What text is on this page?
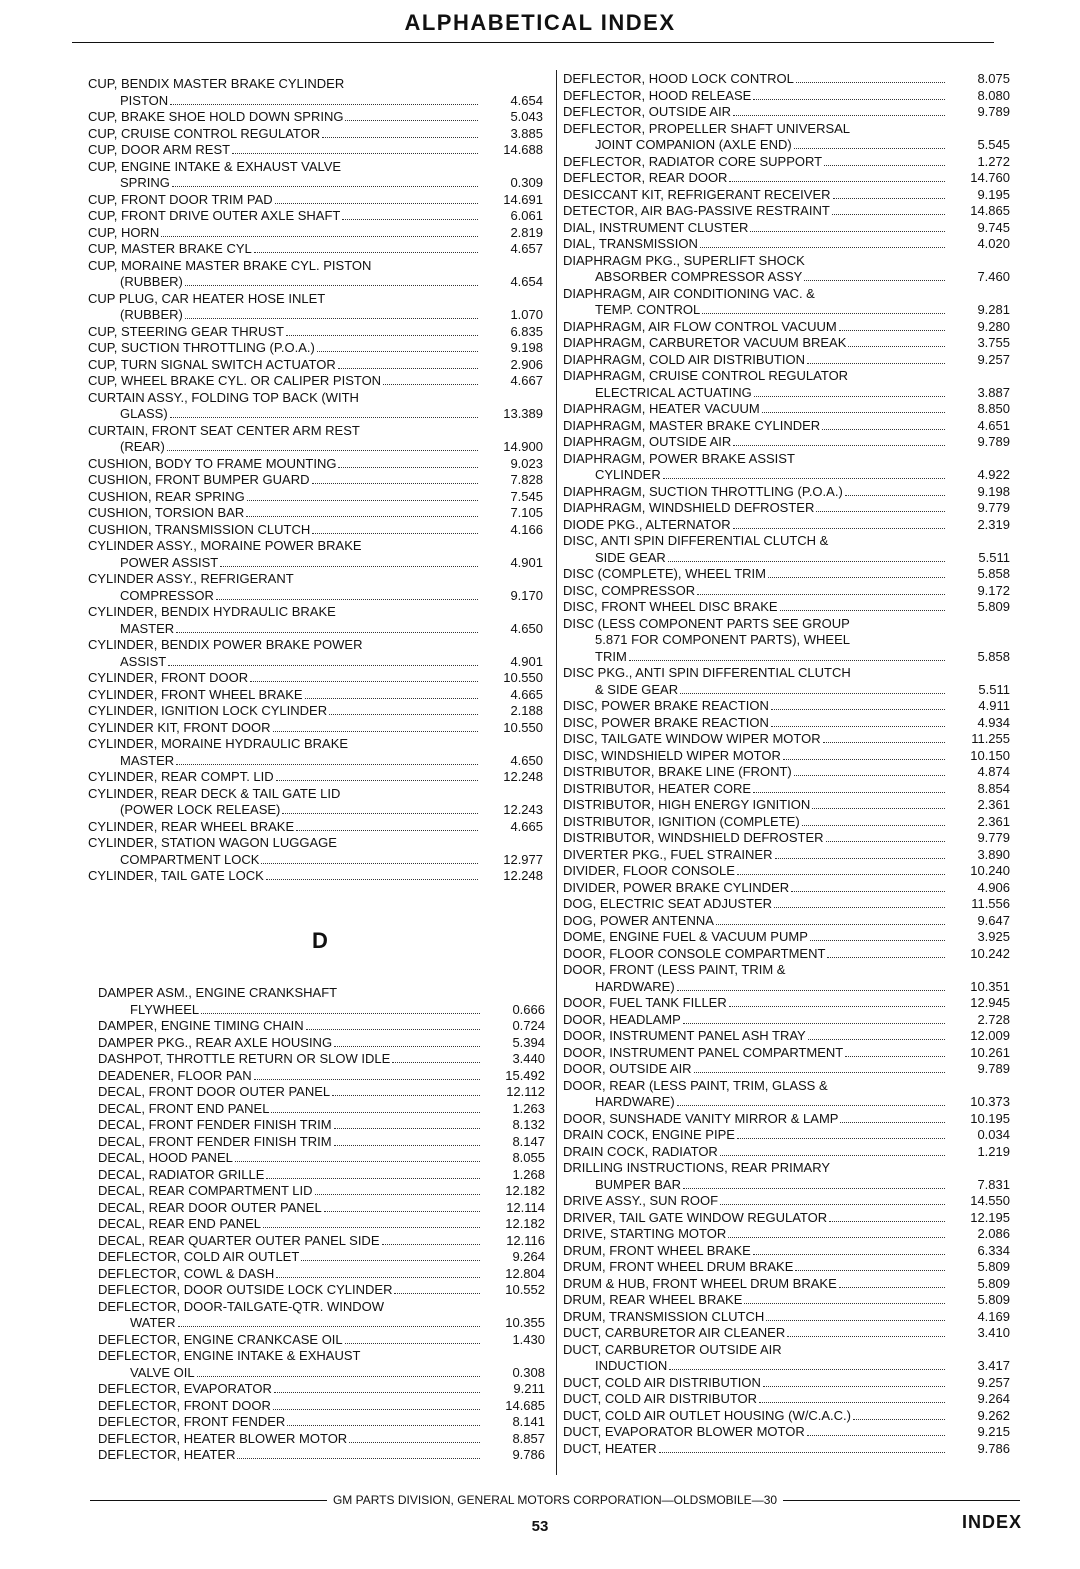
ALPHABETICAL INDEX
CUP, BENDIX MASTER BRAKE CYLINDER
PISTON	4.654
CUP, BRAKE SHOE HOLD DOWN SPRING	5.043
CUP, CRUISE CONTROL REGULATOR	3.885
CUP, DOOR ARM REST	14.688
CUP, ENGINE INTAKE & EXHAUST VALVE
SPRING	0.309
CUP, FRONT DOOR TRIM PAD	14.691
CUP, FRONT DRIVE OUTER AXLE SHAFT	6.061
CUP, HORN	2.819
CUP, MASTER BRAKE CYL	4.657
CUP, MORAINE MASTER BRAKE CYL. PISTON
(RUBBER)	4.654
CUP PLUG, CAR HEATER HOSE INLET
(RUBBER)	1.070
CUP, STEERING GEAR THRUST	6.835
CUP, SUCTION THROTTLING (P.O.A.)	9.198
CUP, TURN SIGNAL SWITCH ACTUATOR	2.906
CUP, WHEEL BRAKE CYL. OR CALIPER PISTON	4.667
CURTAIN ASSY., FOLDING TOP BACK (WITH
GLASS)	13.389
CURTAIN, FRONT SEAT CENTER ARM REST
(REAR)	14.900
CUSHION, BODY TO FRAME MOUNTING	9.023
CUSHION, FRONT BUMPER GUARD	7.828
CUSHION, REAR SPRING	7.545
CUSHION, TORSION BAR	7.105
CUSHION, TRANSMISSION CLUTCH	4.166
CYLINDER ASSY., MORAINE POWER BRAKE
POWER ASSIST	4.901
CYLINDER ASSY., REFRIGERANT
COMPRESSOR	9.170
CYLINDER, BENDIX HYDRAULIC BRAKE
MASTER	4.650
CYLINDER, BENDIX POWER BRAKE POWER
ASSIST	4.901
CYLINDER, FRONT DOOR	10.550
CYLINDER, FRONT WHEEL BRAKE	4.665
CYLINDER, IGNITION LOCK CYLINDER	2.188
CYLINDER KIT, FRONT DOOR	10.550
CYLINDER, MORAINE HYDRAULIC BRAKE
MASTER	4.650
CYLINDER, REAR COMPT. LID	12.248
CYLINDER, REAR DECK & TAIL GATE LID
(POWER LOCK RELEASE)	12.243
CYLINDER, REAR WHEEL BRAKE	4.665
CYLINDER, STATION WAGON LUGGAGE
COMPARTMENT LOCK	12.977
CYLINDER, TAIL GATE LOCK	12.248
D
DAMPER ASM., ENGINE CRANKSHAFT
FLYWHEEL	0.666
DAMPER, ENGINE TIMING CHAIN	0.724
DAMPER PKG., REAR AXLE HOUSING	5.394
DASHPOT, THROTTLE RETURN OR SLOW IDLE	3.440
DEADENER, FLOOR PAN	15.492
DECAL, FRONT DOOR OUTER PANEL	12.112
DECAL, FRONT END PANEL	1.263
DECAL, FRONT FENDER FINISH TRIM	8.132
DECAL, FRONT FENDER FINISH TRIM	8.147
DECAL, HOOD PANEL	8.055
DECAL, RADIATOR GRILLE	1.268
DECAL, REAR COMPARTMENT LID	12.182
DECAL, REAR DOOR OUTER PANEL	12.114
DECAL, REAR END PANEL	12.182
DECAL, REAR QUARTER OUTER PANEL SIDE	12.116
DEFLECTOR, COLD AIR OUTLET	9.264
DEFLECTOR, COWL & DASH	12.804
DEFLECTOR, DOOR OUTSIDE LOCK CYLINDER	10.552
DEFLECTOR, DOOR-TAILGATE-QTR. WINDOW
WATER	10.355
DEFLECTOR, ENGINE CRANKCASE OIL	1.430
DEFLECTOR, ENGINE INTAKE & EXHAUST
VALVE OIL	0.308
DEFLECTOR, EVAPORATOR	9.211
DEFLECTOR, FRONT DOOR	14.685
DEFLECTOR, FRONT FENDER	8.141
DEFLECTOR, HEATER BLOWER MOTOR	8.857
DEFLECTOR, HEATER	9.786
DEFLECTOR, HOOD LOCK CONTROL	8.075
DEFLECTOR, HOOD RELEASE	8.080
DEFLECTOR, OUTSIDE AIR	9.789
DEFLECTOR, PROPELLER SHAFT UNIVERSAL
JOINT COMPANION (AXLE END)	5.545
DEFLECTOR, RADIATOR CORE SUPPORT	1.272
DEFLECTOR, REAR DOOR	14.760
DESICCANT KIT, REFRIGERANT RECEIVER	9.195
DETECTOR, AIR BAG-PASSIVE RESTRAINT	14.865
DIAL, INSTRUMENT CLUSTER	9.745
DIAL, TRANSMISSION	4.020
DIAPHRAGM PKG., SUPERLIFT SHOCK
ABSORBER COMPRESSOR ASSY	7.460
DIAPHRAGM, AIR CONDITIONING VAC. &
TEMP. CONTROL	9.281
DIAPHRAGM, AIR FLOW CONTROL VACUUM	9.280
DIAPHRAGM, CARBURETOR VACUUM BREAK	3.755
DIAPHRAGM, COLD AIR DISTRIBUTION	9.257
DIAPHRAGM, CRUISE CONTROL REGULATOR
ELECTRICAL ACTUATING	3.887
DIAPHRAGM, HEATER VACUUM	8.850
DIAPHRAGM, MASTER BRAKE CYLINDER	4.651
DIAPHRAGM, OUTSIDE AIR	9.789
DIAPHRAGM, POWER BRAKE ASSIST
CYLINDER	4.922
DIAPHRAGM, SUCTION THROTTLING (P.O.A.)	9.198
DIAPHRAGM, WINDSHIELD DEFROSTER	9.779
DIODE PKG., ALTERNATOR	2.319
DISC, ANTI SPIN DIFFERENTIAL CLUTCH &
SIDE GEAR	5.511
DISC (COMPLETE), WHEEL TRIM	5.858
DISC, COMPRESSOR	9.172
DISC, FRONT WHEEL DISC BRAKE	5.809
DISC (LESS COMPONENT PARTS SEE GROUP
5.871 FOR COMPONENT PARTS), WHEEL
TRIM	5.858
DISC PKG., ANTI SPIN DIFFERENTIAL CLUTCH
& SIDE GEAR	5.511
DISC, POWER BRAKE REACTION	4.911
DISC, POWER BRAKE REACTION	4.934
DISC, TAILGATE WINDOW WIPER MOTOR	11.255
DISC, WINDSHIELD WIPER MOTOR	10.150
DISTRIBUTOR, BRAKE LINE (FRONT)	4.874
DISTRIBUTOR, HEATER CORE	8.854
DISTRIBUTOR, HIGH ENERGY IGNITION	2.361
DISTRIBUTOR, IGNITION (COMPLETE)	2.361
DISTRIBUTOR, WINDSHIELD DEFROSTER	9.779
DIVERTER PKG., FUEL STRAINER	3.890
DIVIDER, FLOOR CONSOLE	10.240
DIVIDER, POWER BRAKE CYLINDER	4.906
DOG, ELECTRIC SEAT ADJUSTER	11.556
DOG, POWER ANTENNA	9.647
DOME, ENGINE FUEL & VACUUM PUMP	3.925
DOOR, FLOOR CONSOLE COMPARTMENT	10.242
DOOR, FRONT (LESS PAINT, TRIM &
HARDWARE)	10.351
DOOR, FUEL TANK FILLER	12.945
DOOR, HEADLAMP	2.728
DOOR, INSTRUMENT PANEL ASH TRAY	12.009
DOOR, INSTRUMENT PANEL COMPARTMENT	10.261
DOOR, OUTSIDE AIR	9.789
DOOR, REAR (LESS PAINT, TRIM, GLASS &
HARDWARE)	10.373
DOOR, SUNSHADE VANITY MIRROR & LAMP	10.195
DRAIN COCK, ENGINE PIPE	0.034
DRAIN COCK, RADIATOR	1.219
DRILLING INSTRUCTIONS, REAR PRIMARY
BUMPER BAR	7.831
DRIVE ASSY., SUN ROOF	14.550
DRIVER, TAIL GATE WINDOW REGULATOR	12.195
DRIVE, STARTING MOTOR	2.086
DRUM, FRONT WHEEL BRAKE	6.334
DRUM, FRONT WHEEL DRUM BRAKE	5.809
DRUM & HUB, FRONT WHEEL DRUM BRAKE	5.809
DRUM, REAR WHEEL BRAKE	5.809
DRUM, TRANSMISSION CLUTCH	4.169
DUCT, CARBURETOR AIR CLEANER	3.410
DUCT, CARBURETOR OUTSIDE AIR
INDUCTION	3.417
DUCT, COLD AIR DISTRIBUTION	9.257
DUCT, COLD AIR DISTRIBUTOR	9.264
DUCT, COLD AIR OUTLET HOUSING (W/C.A.C.)	9.262
DUCT, EVAPORATOR BLOWER MOTOR	9.215
DUCT, HEATER	9.786
GM PARTS DIVISION, GENERAL MOTORS CORPORATION—OLDSMOBILE—30
53	INDEX
